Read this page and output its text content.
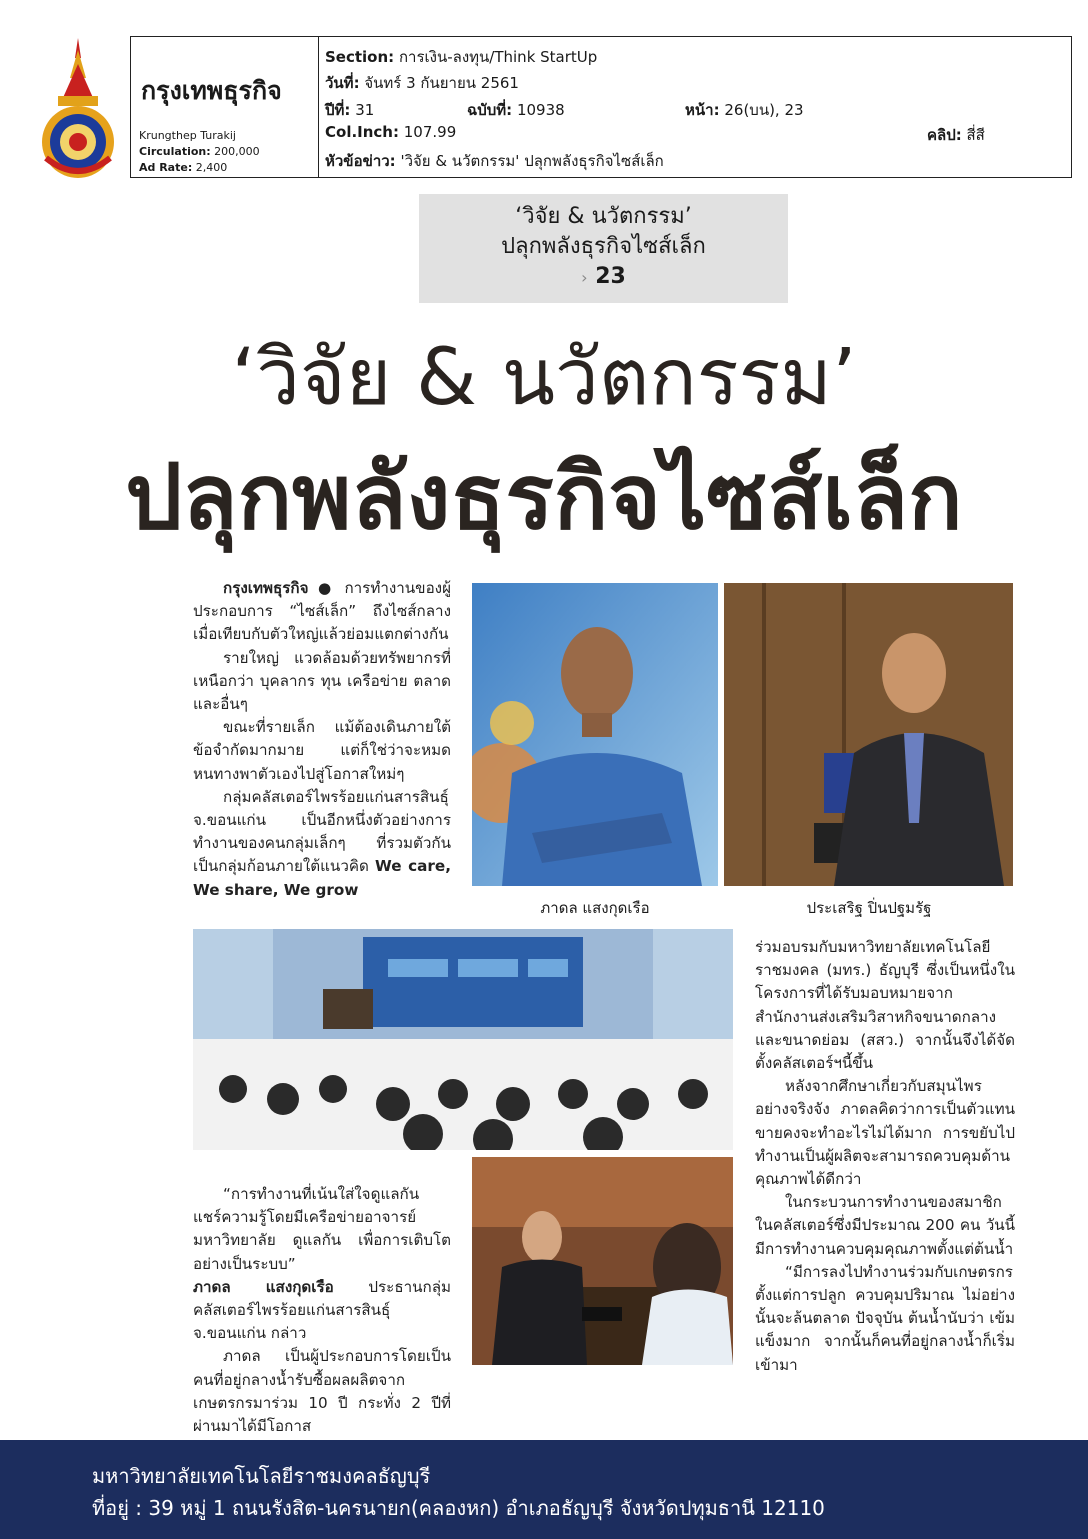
กรุงเทพธุรกิจ
Krungthep Turakij
Circulation: 200,000
Ad Rate: 2,400
Section: การเงิน-ลงทุน/Think StartUp
วันที่: จันทร์ 3 กันยายน 2561
ปีที่: 31	ฉบับที่: 10938	หน้า: 26(บน), 23
Col.Inch: 107.99	คลิป: สี่สี
หัวข้อข่าว: 'วิจัย & นวัตกรรม' ปลุกพลังธุรกิจไซส์เล็ก
‘วิจัย & นวัตกรรม’
ปลุกพลังธุรกิจไซส์เล็ก
› 23
‘วิจัย & นวัตกรรม’
ปลุกพลังธุรกิจไซส์เล็ก

กรุงเทพธุรกิจ ● การทำงานของผู้ประกอบการ “ไซส์เล็ก” ถึงไซส์กลาง เมื่อเทียบกับตัวใหญ่แล้วย่อมแตกต่างกัน

รายใหญ่ แวดล้อมด้วยทรัพยากรที่เหนือกว่า บุคลากร ทุน เครือข่าย ตลาด และอื่นๆ

ขณะที่รายเล็ก แม้ต้องเดินภายใต้ข้อจำกัดมากมาย แต่ก็ใช่ว่าจะหมดหนทางพาตัวเองไปสู่โอกาสใหม่ๆ

กลุ่มคลัสเตอร์ไพรร้อยแก่นสารสินธุ์ จ.ขอนแก่น เป็นอีกหนึ่งตัวอย่างการทำงานของคนกลุ่มเล็กๆ ที่รวมตัวกันเป็นกลุ่มก้อนภายใต้แนวคิด We care, We share, We grow

ภาดล แสงกุดเรือ	ประเสริฐ ปิ่นปฐมรัฐ

“การทำงานที่เน้นใส่ใจดูแลกัน แชร์ความรู้โดยมีเครือข่ายอาจารย์มหาวิทยาลัย ดูแลกัน เพื่อการเติบโตอย่างเป็นระบบ”

ภาดล แสงกุดเรือ ประธานกลุ่มคลัสเตอร์ไพรร้อยแก่นสารสินธุ์ จ.ขอนแก่น กล่าว

ภาดล เป็นผู้ประกอบการโดยเป็นคนที่อยู่กลางน้ำรับซื้อผลผลิตจากเกษตรกรมาร่วม 10 ปี กระทั่ง 2 ปีที่ผ่านมาได้มีโอกาส

ร่วมอบรมกับมหาวิทยาลัยเทคโนโลยีราชมงคล (มทร.) ธัญบุรี ซึ่งเป็นหนึ่งในโครงการที่ได้รับมอบหมายจากสำนักงานส่งเสริมวิสาหกิจขนาดกลางและขนาดย่อม (สสว.) จากนั้นจึงได้จัดตั้งคลัสเตอร์ฯนี้ขึ้น

หลังจากศึกษาเกี่ยวกับสมุนไพรอย่างจริงจัง ภาดลคิดว่าการเป็นตัวแทนขายคงจะทำอะไรไม่ได้มาก การขยับไปทำงานเป็นผู้ผลิตจะสามารถควบคุมด้านคุณภาพได้ดีกว่า

ในกระบวนการทำงานของสมาชิกในคลัสเตอร์ซึ่งมีประมาณ 200 คน วันนี้มีการทำงานควบคุมคุณภาพตั้งแต่ต้นน้ำ

“มีการลงไปทำงานร่วมกับเกษตรกรตั้งแต่การปลูก ควบคุมปริมาณ ไม่อย่างนั้นจะล้นตลาด ปัจจุบัน ต้นน้ำนับว่า เข้มแข็งมาก จากนั้นก็คนที่อยู่กลางน้ำก็เริ่มเข้ามา

มหาวิทยาลัยเทคโนโลยีราชมงคลธัญบุรี
ที่อยู่ : 39 หมู่ 1 ถนนรังสิต-นครนายก(คลองหก) อำเภอธัญบุรี จังหวัดปทุมธานี 12110
